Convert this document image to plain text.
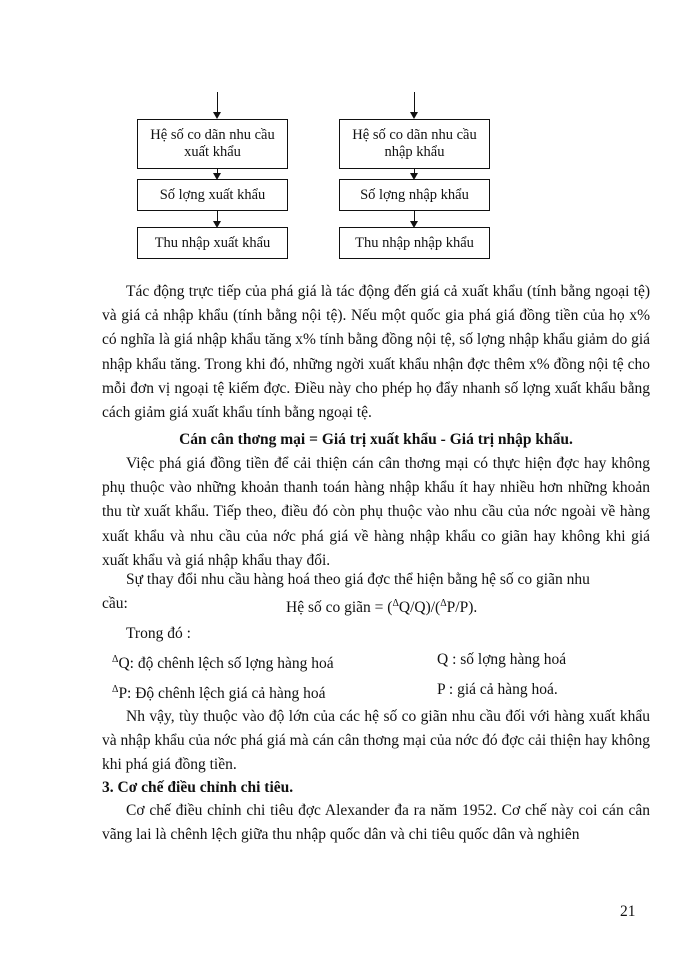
Hệ số co dãn nhu cầu xuất khẩu
Số lợng xuất khẩu
Thu nhập xuất khẩu
Hệ số co dãn nhu cầu nhập khẩu
Số lợng nhập khẩu
Thu nhập nhập khẩu

Tác động trực tiếp của phá giá là tác động đến giá cả xuất khẩu (tính bằng ngoại tệ) và giá cả nhập khẩu (tính bằng nội tệ). Nếu một quốc gia phá giá đồng tiền của họ x% có nghĩa là giá nhập khẩu tăng x% tính bằng đồng nội tệ, số lợng nhập khẩu giảm do giá nhập khẩu tăng. Trong khi đó, những ngời xuất khẩu nhận đợc thêm x% đồng nội tệ cho mỗi đơn vị ngoại tệ kiếm đợc. Điều này cho phép họ đẩy nhanh số lợng xuất khẩu bằng cách giảm giá xuất khẩu tính bằng ngoại tệ.

Cán cân thơng mại = Giá trị xuất khẩu - Giá trị nhập khẩu.

Việc phá giá đồng tiền để cải thiện cán cân thơng mại có thực hiện đợc hay không phụ thuộc vào những khoản thanh toán hàng nhập khẩu ít hay nhiều hơn những khoản thu từ xuất khẩu. Tiếp theo, điều đó còn phụ thuộc vào nhu cầu của nớc ngoài về hàng xuất khẩu và nhu cầu của nớc phá giá về hàng nhập khẩu co giãn hay không khi giá xuất khẩu và giá nhập khẩu thay đổi.

Sự thay đổi nhu cầu hàng hoá theo giá đợc thể hiện bằng hệ số co giãn nhu
cầu:	Hệ số co giãn = ($^\Delta$Q/Q)/($^\Delta$P/P).
Trong đó :
$^\Delta$Q: độ chênh lệch số lợng hàng hoá	Q : số lợng hàng hoá
$^\Delta$P: Độ chênh lệch giá cả hàng hoá	P : giá cả hàng hoá.

Nh vậy, tùy thuộc vào độ lớn của các hệ số co giãn nhu cầu đối với hàng xuất khẩu và nhập khẩu của nớc phá giá mà cán cân thơng mại của nớc đó đợc cải thiện hay không khi phá giá đồng tiền.

3. Cơ chế điều chỉnh chi tiêu.

Cơ chế điều chỉnh chi tiêu đợc Alexander đa ra năm 1952. Cơ chế này coi cán cân vãng lai là chênh lệch giữa thu nhập quốc dân và chi tiêu quốc dân và nghiên

21
